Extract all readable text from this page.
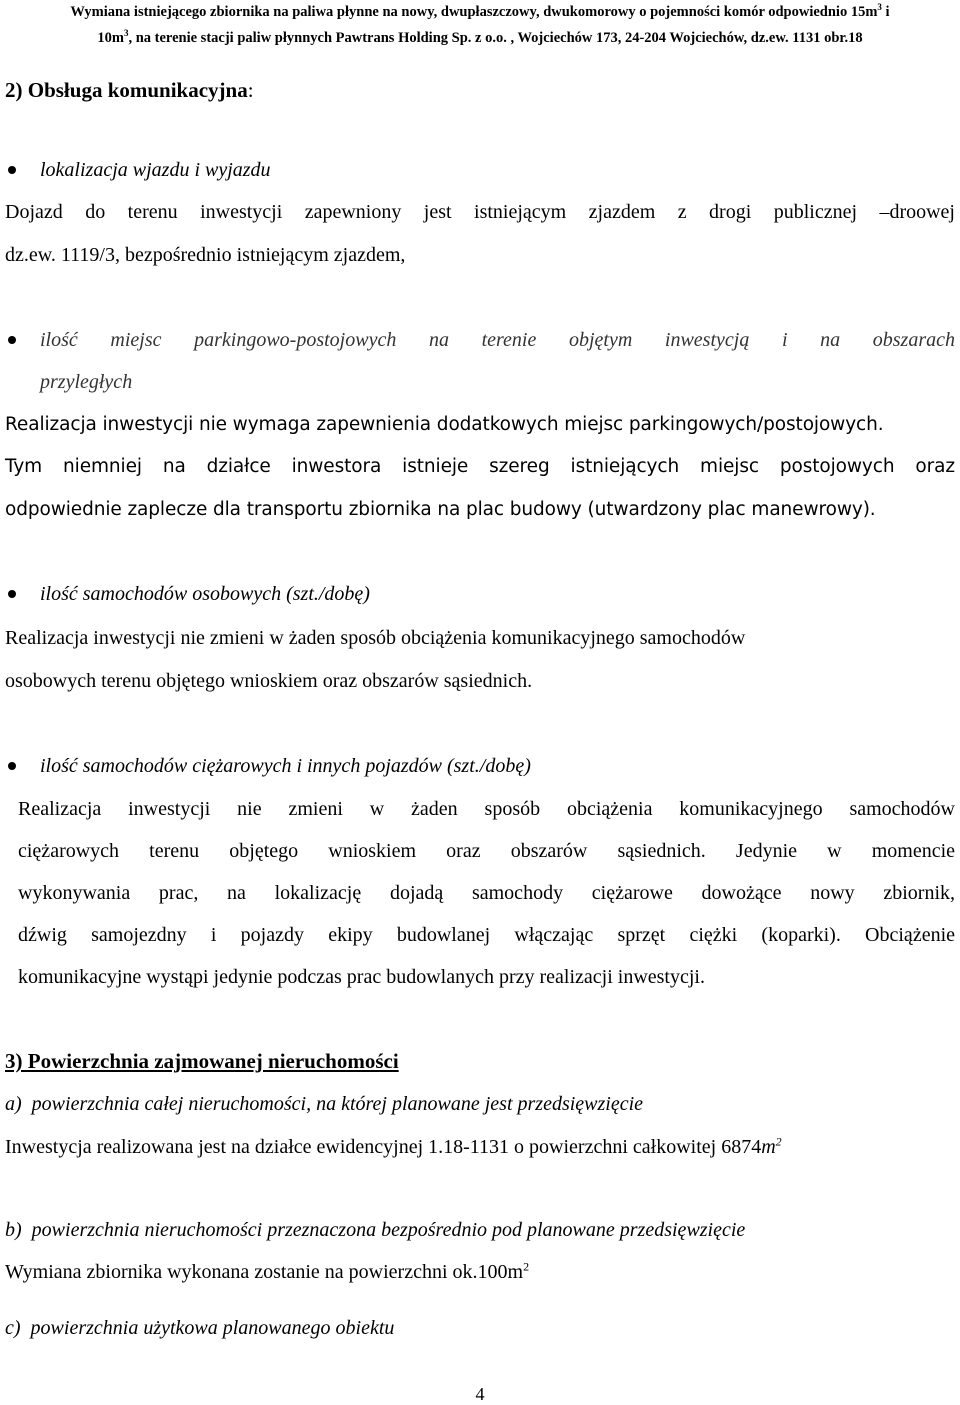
Wymiana istniejącego zbiornika na paliwa płynne na nowy, dwupłaszczowy, dwukomorowy o pojemności komór odpowiednio $15m^3$ i
$10m^3$, na terenie stacji paliw płynnych Pawtrans Holding Sp. z o.o. , Wojciechów 173, 24-204 Wojciechów, dz.ew. 1131 obr.18
2) Obsługa komunikacyjna:
lokalizacja wjazdu i wyjazdu
Dojazd do terenu inwestycji zapewniony jest istniejącym zjazdem z drogi publicznej –droowej
dz.ew. 1119/3, bezpośrednio istniejącym zjazdem,
ilość miejsc parkingowo-postojowych na terenie objętym inwestycją i na obszarach
przyległych
Realizacja inwestycji nie wymaga zapewnienia dodatkowych miejsc parkingowych/postojowych.
Tym niemniej na działce inwestora istnieje szereg istniejących miejsc postojowych oraz
odpowiednie zaplecze dla transportu zbiornika na plac budowy (utwardzony plac manewrowy).
ilość samochodów osobowych (szt./dobę)
Realizacja inwestycji nie zmieni w żaden sposób obciążenia komunikacyjnego samochodów
osobowych terenu objętego wnioskiem oraz obszarów sąsiednich.
ilość samochodów ciężarowych i innych pojazdów (szt./dobę)
Realizacja inwestycji nie zmieni w żaden sposób obciążenia komunikacyjnego samochodów
ciężarowych terenu objętego wnioskiem oraz obszarów sąsiednich. Jedynie w momencie
wykonywania prac, na lokalizację dojadą samochody ciężarowe dowożące nowy zbiornik,
dźwig samojezdny i pojazdy ekipy budowlanej włączając sprzęt ciężki (koparki). Obciążenie
komunikacyjne wystąpi jedynie podczas prac budowlanych przy realizacji inwestycji.
3) Powierzchnia zajmowanej nieruchomości
a) powierzchnia całej nieruchomości, na której planowane jest przedsięwzięcie
Inwestycja realizowana jest na działce ewidencyjnej 1.18-1131 o powierzchni całkowitej $6874m^2$
b) powierzchnia nieruchomości przeznaczona bezpośrednio pod planowane przedsięwzięcie
Wymiana zbiornika wykonana zostanie na powierzchni $ok.100m^2$
c) powierzchnia użytkowa planowanego obiektu
4
